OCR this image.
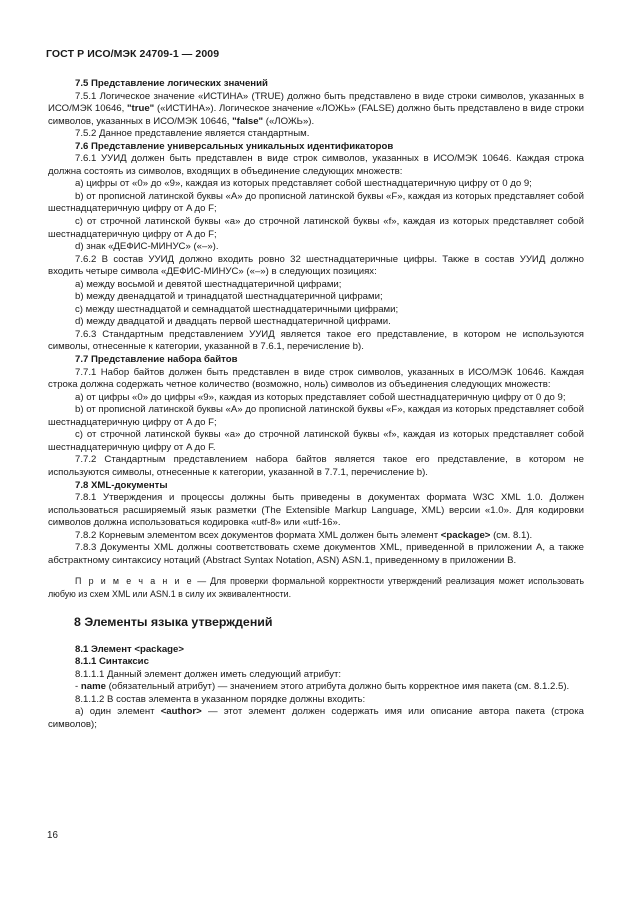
ГОСТ Р ИСО/МЭК 24709-1 — 2009

7.5 Представление логических значений

7.5.1 Логическое значение «ИСТИНА» (TRUE) должно быть представлено в виде строки символов, указанных в ИСО/МЭК 10646, "true" («ИСТИНА»). Логическое значение «ЛОЖЬ» (FALSE) должно быть представлено в виде строки символов, указанных в ИСО/МЭК 10646, "false" («ЛОЖЬ»).

7.5.2 Данное представление является стандартным.

7.6 Представление универсальных уникальных идентификаторов

7.6.1 УУИД должен быть представлен в виде строк символов, указанных в ИСО/МЭК 10646. Каждая строка должна состоять из символов, входящих в объединение следующих множеств:

a) цифры от «0» до «9», каждая из которых представляет собой шестнадцатеричную цифру от 0 до 9;

b) от прописной латинской буквы «A» до прописной латинской буквы «F», каждая из которых представляет собой шестнадцатеричную цифру от A до F;

c) от строчной латинской буквы «a» до строчной латинской буквы «f», каждая из которых представляет собой шестнадцатеричную цифру от A до F;

d) знак «ДЕФИС-МИНУС» («–»).

7.6.2 В состав УУИД должно входить ровно 32 шестнадцатеричные цифры. Также в состав УУИД должно входить четыре символа «ДЕФИС-МИНУС» («–») в следующих позициях:

a) между восьмой и девятой шестнадцатеричной цифрами;

b) между двенадцатой и тринадцатой шестнадцатеричной цифрами;

c) между шестнадцатой и семнадцатой шестнадцатеричными цифрами;

d) между двадцатой и двадцать первой шестнадцатеричной цифрами.

7.6.3 Стандартным представлением УУИД является такое его представление, в котором не используются символы, отнесенные к категории, указанной в 7.6.1, перечисление b).

7.7 Представление набора байтов

7.7.1 Набор байтов должен быть представлен в виде строк символов, указанных в ИСО/МЭК 10646. Каждая строка должна содержать четное количество (возможно, ноль) символов из объединения следующих множеств:

a) от цифры «0» до цифры «9», каждая из которых представляет собой шестнадцатеричную цифру от 0 до 9;

b) от прописной латинской буквы «A» до прописной латинской буквы «F», каждая из которых представляет собой шестнадцатеричную цифру от A до F;

c) от строчной латинской буквы «a» до строчной латинской буквы «f», каждая из которых представляет собой шестнадцатеричную цифру от A до F.

7.7.2 Стандартным представлением набора байтов является такое его представление, в котором не используются символы, отнесенные к категории, указанной в 7.7.1, перечисление b).

7.8 XML-документы

7.8.1 Утверждения и процессы должны быть приведены в документах формата W3C XML 1.0. Должен использоваться расширяемый язык разметки (The Extensible Markup Language, XML) версии «1.0». Для кодировки символов должна использоваться кодировка «utf-8» или «utf-16».

7.8.2 Корневым элементом всех документов формата XML должен быть элемент <package> (см. 8.1).

7.8.3 Документы XML должны соответствовать схеме документов XML, приведенной в приложении A, а также абстрактному синтаксису нотаций (Abstract Syntax Notation, ASN) ASN.1, приведенному в приложении B.

П р и м е ч а н и е — Для проверки формальной корректности утверждений реализация может использовать любую из схем XML или ASN.1 в силу их эквивалентности.

8 Элементы языка утверждений

8.1 Элемент <package>

8.1.1 Синтаксис

8.1.1.1 Данный элемент должен иметь следующий атрибут:

- name (обязательный атрибут) — значением этого атрибута должно быть корректное имя пакета (см. 8.1.2.5).

8.1.1.2 В состав элемента в указанном порядке должны входить:

a) один элемент <author> — этот элемент должен содержать имя или описание автора пакета (строка символов);

16
